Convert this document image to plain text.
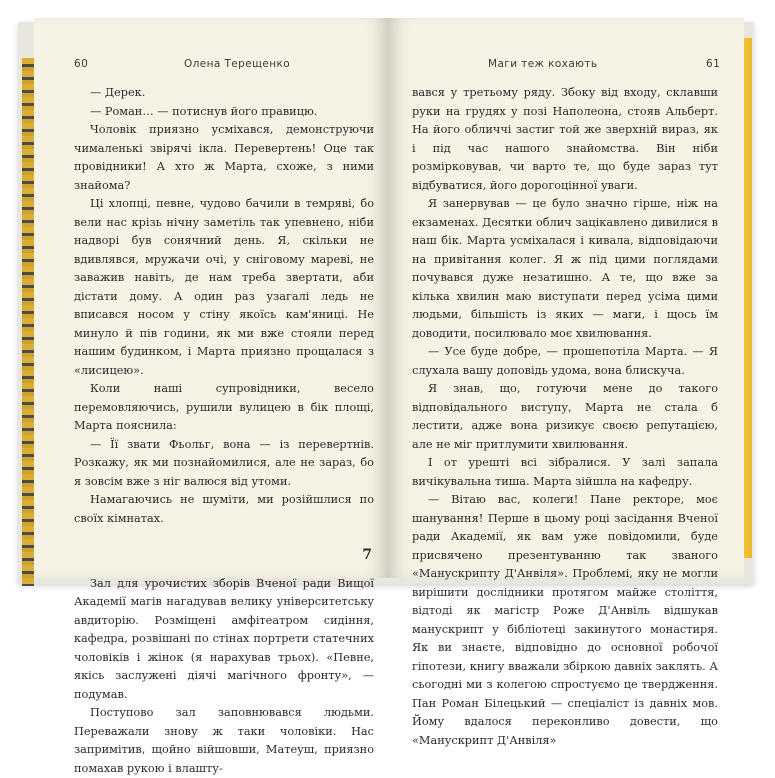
60	Олена Терещенко

— Дерек.

— Роман… — потиснув його правицю.

Чоловік приязно усміхався, демонструючи чималенькі звірячі ікла. Перевертень! Оце так провідники! А хто ж Марта, схоже, з ними знайома?

Ці хлопці, певне, чудово бачили в темряві, бо вели нас крізь нічну заметіль так упевнено, ніби надворі був сонячний день. Я, скільки не вдивлявся, мружачи очі, у сніговому мареві, не заважив навіть, де нам треба звертати, аби дістати дому. А один раз узагалі ледь не вписався носом у стіну якоїсь кам'яниці. Не минуло й пів години, як ми вже стояли перед нашим будинком, і Марта приязно прощалася з «лисицею».

Коли наші супровідники, весело перемовляючись, рушили вулицею в бік площі, Марта пояснила:

— Її звати Фьольг, вона — із перевертнів. Розкажу, як ми познайомилися, але не зараз, бо я зовсім вже з ніг валюся від утоми.

Намагаючись не шуміти, ми розійшлися по своїх кімнатах.

7

Зал для урочистих зборів Вченої ради Вищої Академії магів нагадував велику університетську авдиторію. Розміщені амфітеатром сидіння, кафедра, розвішані по стінах портрети статечних чоловіків і жінок (я нарахував трьох). «Певне, якісь заслужені діячі магічного фронту», — подумав.

Поступово зал заповнювався людьми. Переважали знову ж таки чоловіки. Нас запримітив, щойно війшовши, Матеуш, приязно помахав рукою і влашту-

Маги теж кохають	61

вався у третьому ряду. Збоку від входу, склавши руки на грудях у позі Наполеона, стояв Альберт. На його обличчі застиг той же зверхній вираз, як і під час нашого знайомства. Він ніби розмірковував, чи варто те, що буде зараз тут відбуватися, його дорогоцінної уваги.

Я занервував — це було значно гірше, ніж на екзаменах. Десятки облич зацікавлено дивилися в наш бік. Марта усміхалася і кивала, відповідаючи на привітання колег. Я ж під цими поглядами почувався дуже незатишно. А те, що вже за кілька хвилин маю виступати перед усіма цими людьми, більшість із яких — маги, і щось їм доводити, посилювало моє хвилювання.

— Усе буде добре, — прошепотіла Марта. — Я слухала вашу доповідь удома, вона блискуча.

Я знав, що, готуючи мене до такого відповідального виступу, Марта не стала б лестити, адже вона ризикує своєю репутацією, але не міг притлумити хвилювання.

І от урешті всі зібралися. У залі запала вичікувальна тиша. Марта зійшла на кафедру.

— Вітаю вас, колеги! Пане ректоре, моє шанування! Перше в цьому році засідання Вченої ради Академії, як вам уже повідомили, буде присвячено презентуванню так званого «Манускрипту Д'Анвіля». Проблемі, яку не могли вирішити дослідники протягом майже століття, відтоді як магістр Роже Д'Анвіль відшукав манускрипт у бібліотеці закинутого монастиря. Як ви знаєте, відповідно до основної робочої гіпотези, книгу вважали збіркою давніх заклять. А сьогодні ми з колегою спростуємо це твердження. Пан Роман Білецький — спеціаліст із давніх мов. Йому вдалося переконливо довести, що «Манускрипт Д'Анвіля»
